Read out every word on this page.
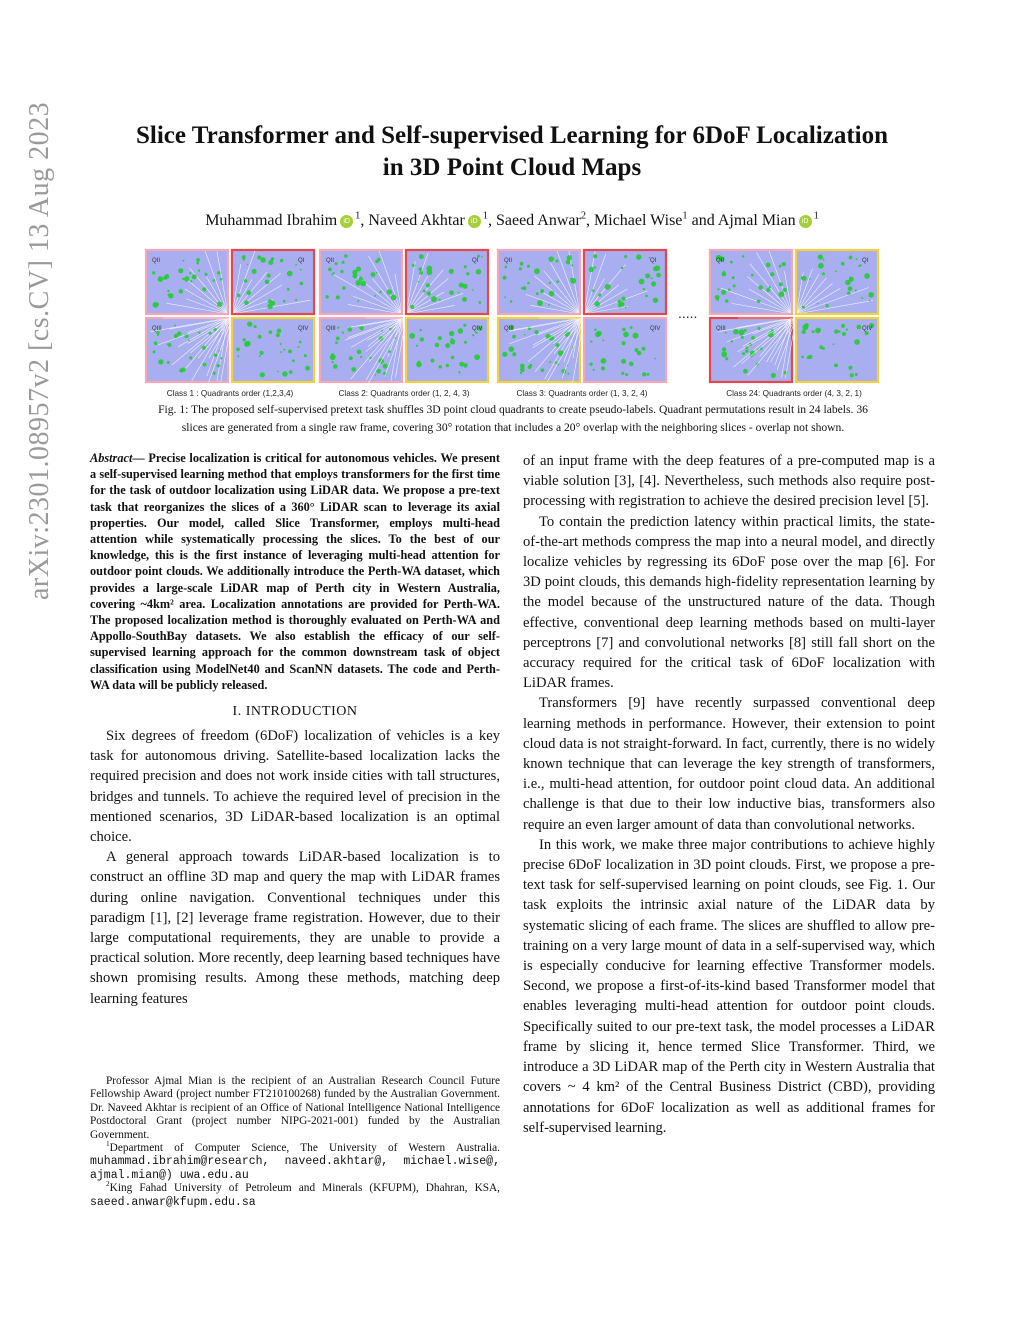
arXiv:2301.08957v2 [cs.CV] 13 Aug 2023	Slice Transformer and Self-supervised Learning for 6DoF Localization
in 3D Point Cloud Maps
Muhammad Ibrahim iD $^1$, Naveed Akhtar iD $^1$, Saeed Anwar$^2$, Michael Wise$^1$ and Ajmal Mian iD $^1$
QII	QI
QIII	QIV
Class 1 : Quadrants order (1,2,3,4)
QII	QI
QIII	QIV
Class 2: Quadrants order (1, 2, 4, 3)
QII	QI
QIII	QIV
Class 3: Quadrants order (1, 3, 2, 4)
QII	QI
QIII	QIV
Class 24: Quadrants order (4, 3, 2, 1)
.....
Fig. 1: The proposed self-supervised pretext task shuffles 3D point cloud quadrants to create pseudo-labels. Quadrant permutations result in 24 labels. 36
slices are generated from a single raw frame, covering 30° rotation that includes a 20° overlap with the neighboring slices - overlap not shown.
Abstract— Precise localization is critical for autonomous vehicles. We present a self-supervised learning method that employs transformers for the first time for the task of outdoor localization using LiDAR data. We propose a pre-text task that reorganizes the slices of a 360° LiDAR scan to leverage its axial properties. Our model, called Slice Transformer, employs multi-head attention while systematically processing the slices. To the best of our knowledge, this is the first instance of leveraging multi-head attention for outdoor point clouds. We additionally introduce the Perth-WA dataset, which provides a large-scale LiDAR map of Perth city in Western Australia, covering ~4km² area. Localization annotations are provided for Perth-WA. The proposed localization method is thoroughly evaluated on Perth-WA and Appollo-SouthBay datasets. We also establish the efficacy of our self-supervised learning approach for the common downstream task of object classification using ModelNet40 and ScanNN datasets. The code and Perth-WA data will be publicly released.
I. INTRODUCTION

Six degrees of freedom (6DoF) localization of vehicles is a key task for autonomous driving. Satellite-based localization lacks the required precision and does not work inside cities with tall structures, bridges and tunnels. To achieve the required level of precision in the mentioned scenarios, 3D LiDAR-based localization is an optimal choice.

A general approach towards LiDAR-based localization is to construct an offline 3D map and query the map with LiDAR frames during online navigation. Conventional techniques under this paradigm [1], [2] leverage frame registration. However, due to their large computational requirements, they are unable to provide a practical solution. More recently, deep learning based techniques have shown promising results. Among these methods, matching deep learning features

Professor Ajmal Mian is the recipient of an Australian Research Council Future Fellowship Award (project number FT210100268) funded by the Australian Government. Dr. Naveed Akhtar is recipient of an Office of National Intelligence National Intelligence Postdoctoral Grant (project number NIPG-2021-001) funded by the Australian Government.

$^1$Department of Computer Science, The University of Western Australia. muhammad.ibrahim@research, naveed.akhtar@, michael.wise@, ajmal.mian@) uwa.edu.au

$^2$King Fahad University of Petroleum and Minerals (KFUPM), Dhahran, KSA, saeed.anwar@kfupm.edu.sa

of an input frame with the deep features of a pre-computed map is a viable solution [3], [4]. Nevertheless, such methods also require post-processing with registration to achieve the desired precision level [5].

To contain the prediction latency within practical limits, the state-of-the-art methods compress the map into a neural model, and directly localize vehicles by regressing its 6DoF pose over the map [6]. For 3D point clouds, this demands high-fidelity representation learning by the model because of the unstructured nature of the data. Though effective, conventional deep learning methods based on multi-layer perceptrons [7] and convolutional networks [8] still fall short on the accuracy required for the critical task of 6DoF localization with LiDAR frames.

Transformers [9] have recently surpassed conventional deep learning methods in performance. However, their extension to point cloud data is not straight-forward. In fact, currently, there is no widely known technique that can leverage the key strength of transformers, i.e., multi-head attention, for outdoor point cloud data. An additional challenge is that due to their low inductive bias, transformers also require an even larger amount of data than convolutional networks.

In this work, we make three major contributions to achieve highly precise 6DoF localization in 3D point clouds. First, we propose a pre-text task for self-supervised learning on point clouds, see Fig. 1. Our task exploits the intrinsic axial nature of the LiDAR data by systematic slicing of each frame. The slices are shuffled to allow pre-training on a very large mount of data in a self-supervised way, which is especially conducive for learning effective Transformer models. Second, we propose a first-of-its-kind based Transformer model that enables leveraging multi-head attention for outdoor point clouds. Specifically suited to our pre-text task, the model processes a LiDAR frame by slicing it, hence termed Slice Transformer. Third, we introduce a 3D LiDAR map of the Perth city in Western Australia that covers ~ 4 km² of the Central Business District (CBD), providing annotations for 6DoF localization as well as additional frames for self-supervised learning.
